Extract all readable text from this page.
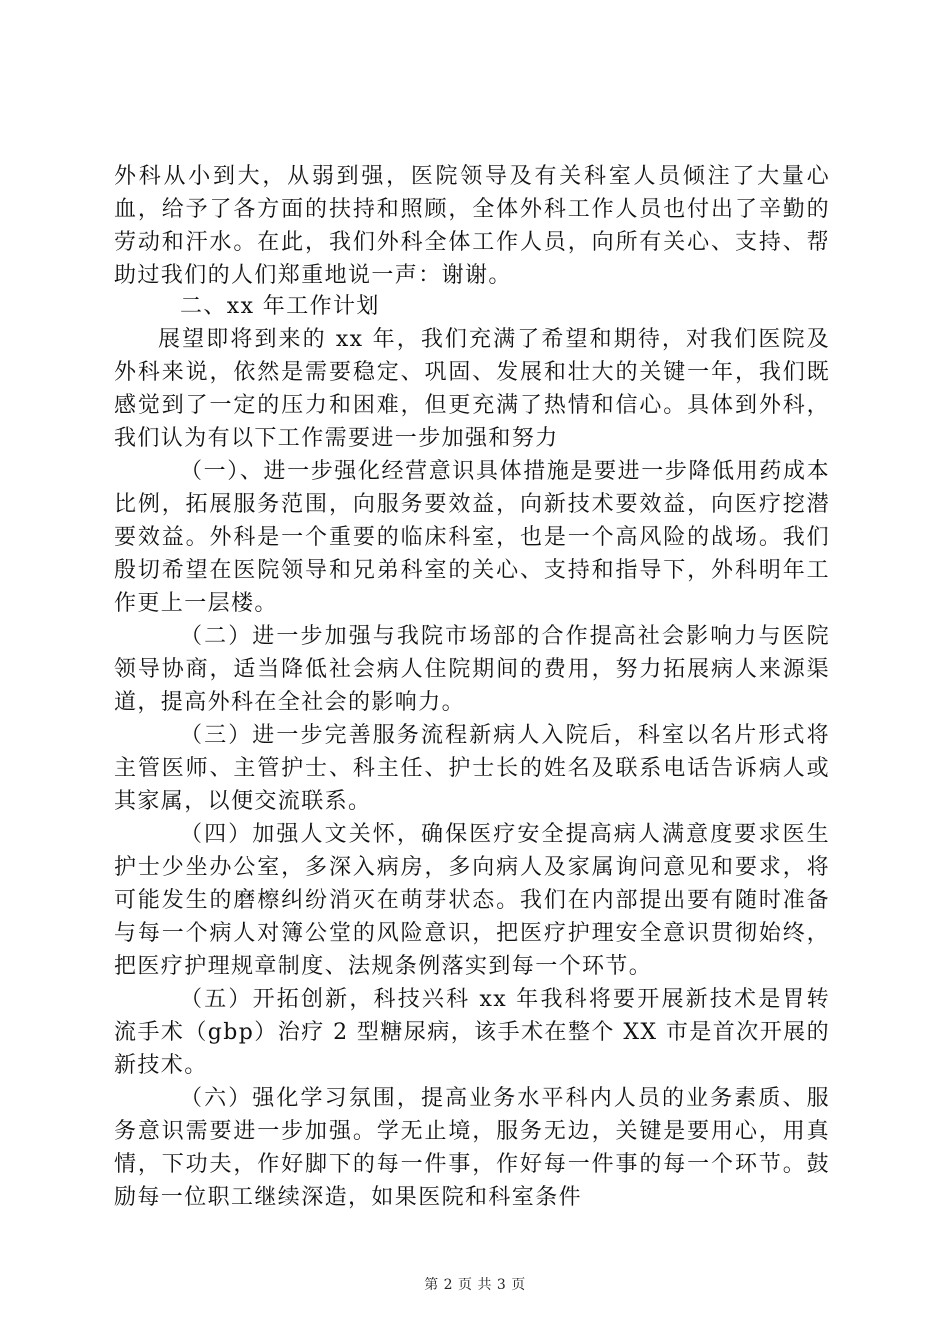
外科从小到大，从弱到强，医院领导及有关科室人员倾注了大量心血，给予了各方面的扶持和照顾，全体外科工作人员也付出了辛勤的劳动和汗水。在此，我们外科全体工作人员，向所有关心、支持、帮助过我们的人们郑重地说一声：谢谢。

二、xx 年工作计划

展望即将到来的 xx 年，我们充满了希望和期待，对我们医院及外科来说，依然是需要稳定、巩固、发展和壮大的关键一年，我们既感觉到了一定的压力和困难，但更充满了热情和信心。具体到外科，我们认为有以下工作需要进一步加强和努力

（一）、进一步强化经营意识具体措施是要进一步降低用药成本比例，拓展服务范围，向服务要效益，向新技术要效益，向医疗挖潜要效益。外科是一个重要的临床科室，也是一个高风险的战场。我们殷切希望在医院领导和兄弟科室的关心、支持和指导下，外科明年工作更上一层楼。

（二）进一步加强与我院市场部的合作提高社会影响力与医院领导协商，适当降低社会病人住院期间的费用，努力拓展病人来源渠道，提高外科在全社会的影响力。

（三）进一步完善服务流程新病人入院后，科室以名片形式将主管医师、主管护士、科主任、护士长的姓名及联系电话告诉病人或其家属，以便交流联系。

（四）加强人文关怀，确保医疗安全提高病人满意度要求医生护士少坐办公室，多深入病房，多向病人及家属询问意见和要求，将可能发生的磨檫纠纷消灭在萌芽状态。我们在内部提出要有随时准备与每一个病人对簿公堂的风险意识，把医疗护理安全意识贯彻始终，把医疗护理规章制度、法规条例落实到每一个环节。

（五）开拓创新，科技兴科 xx 年我科将要开展新技术是胃转流手术（gbp）治疗 2 型糖尿病，该手术在整个 XX 市是首次开展的新技术。

（六）强化学习氛围，提高业务水平科内人员的业务素质、服务意识需要进一步加强。学无止境，服务无边，关键是要用心，用真情，下功夫，作好脚下的每一件事，作好每一件事的每一个环节。鼓励每一位职工继续深造，如果医院和科室条件

第 2 页 共 3 页
